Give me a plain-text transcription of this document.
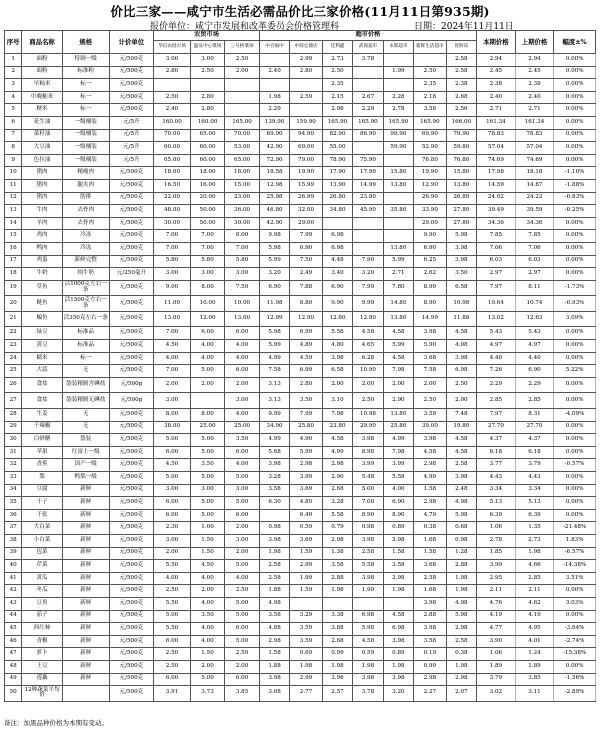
价比三家——咸宁市生活必需品价比三家价格(11月11日第935期)
报价单位：咸宁市发展和改革委员会价格管理科	日期：2024年11月11日
序号	商品名称	规格	计价单位	农贸市场			超市价格							本期价格	上期价格	幅度±%
				华信农批市场	温泉中心菜场	三号桥菜场	中百福中	中商仓储店	佳利鑫	武商超市	永辉超市	新辉生活超市	优鲜乐			
1	面粉	特制一级	元/500克	3.00	3.00	2.50		2.99	2.73	3.78			2.58	2.94	2.94	0.00%
2	面粉	标准粉	元/500克	2.80	2.50	2.00	2.40	2.80	2.50		1.99	2.50	2.58	2.45	2.45	0.00%
3	早籼米	标一	元/500克						2.35			2.35	2.38	2.38	2.38	0.00%
4	中晚籼米	标一	元/500克	2.50	2.80		1.98	2.59	2.15	2.67	2.28	2.18	2.68	2.40	2.40	0.00%
5	粳米	标一	元/500克	2.40	2.80		2.29		2.98	2.29	2.78	3.58	2.56	2.71	2.71	0.00%
6	花生油	一级桶装	元/5升	160.00	160.00	165.00	139.90	159.90	165.90	165.90	165.90	165.90	166.00	161.34	161.34	0.00%
7	菜籽油	一级桶装	元/5升	70.00	65.00	70.00	69.90	94.90	82.90	86.90	99.90	69.90	79.90	78.83	78.83	0.00%
8	大豆油	一级桶装	元/5升	60.00	60.00	53.00	42.90	69.00	55.00		59.90	52.90	59.80	57.04	57.04	0.00%
9	色拉油	一级桶装	元/5升	65.00	60.00	65.00	72.90	79.00	78.90	75.90		76.80	76.80	74.69	74.69	0.00%
10	猪肉	精瘦肉	元/500克	18.00	18.00	18.00	18.58	19.90	17.90	17.99	15.80	19.90	15.80	17.98	18.18	-1.10%
11	猪肉	腿夹肉	元/500克	16.50	16.00	15.00	12.98	15.99	13.90	14.99	13.80	12.90	13.80	14.59	14.87	-1.88%
12	猪肉	肋排	元/500克	22.00	20.00	23.00	25.98	26.99	26.80	23.80		26.90	26.80	24.02	24.22	-0.83%
13	牛肉	去骨肉	元/500克	48.00	50.00	36.00	46.80	32.00	34.80	45.90	35.80	33.90	27.80	39.49	39.59	-0.25%
14	羊肉	去骨肉	元/500克	30.00	50.00	30.00	42.90	29.00				29.00	27.80	34.36	34.36	0.00%
15	鸡肉	冷冻	元/500克	7.00	7.00	8.00	9.98	7.99	6.98			9.90	5.98	7.85	7.85	0.00%
16	鸭肉	冷冻	元/500克	7.00	7.00	7.00	5.98	6.90	6.98		13.80	6.90	3.98	7.06	7.06	0.00%
17	鸡蛋	新鲜完整	元/500克	5.80	5.80	5.80	5.99	7.50	4.48	7.90	5.99	6.25	3.98	6.03	6.03	0.00%
18	牛奶	纯牛奶	元/250毫升	3.00	3.00	3.00	3.20	2.49	3.40	3.20	2.71	2.62	3.50	2.97	2.97	0.00%
19	草鱼	活1000克左右一条	元/500克	9.00	8.00	7.50	6.90	7.88	6.90	7.99	7.80	8.99	6.58	7.97	8.11	-1.73%
20	鲢鱼	活1500克左右一条	元/500克	11.00	10.00	10.00	11.98	8.80	9.90	9.99	14.80	8.90	10.98	10.64	10.74	-0.93%
21	鳊鱼	活350克左右一条	元/500克	13.00	12.00	13.00	12.99	12.90	12.80	12.80	13.80	14.99	11.88	13.02	12.63	3.09%
22	绿豆	标准品	元/500克	7.00	6.00	6.00	5.98	6.99	5.58	4.58	4.58	3.98	4.58	5.43	5.43	0.00%
23	黄豆	标准品	元/500克	4.50	4.00	4.00	5.99	4.89	4.80	4.65	5.99	5.90	4.98	4.97	4.97	0.00%
24	糯米	标一	元/500克	4.00	4.00	4.00	4.99	4.59	3.98	6.28	4.58	3.68	3.98	4.40	4.40	0.00%
25	大蒜	无	元/500克	7.00	5.00	6.00	7.58	6.99	6.58	10.90	7.98	7.58	6.98	7.26	6.90	5.22%
26	食盐	袋装精制含碘盐	元/500g	2.00	2.00	2.00	3.13	2.80	2.00	2.00	2.00	2.00	2.50	2.29	2.29	0.00%
27	食盐	袋装精制无碘盐	元/500g	3.00		3.00	3.13	3.50	3.10	2.50	2.90	2.50	2.00	2.85	2.85	0.00%
28	生姜	无	元/500克	8.00	8.00	4.00	9.99	7.99	7.98	10.98	13.80	3.58	7.48	7.97	8.31	-4.09%
29	干辣椒	无	元/500克	38.00	25.00	25.00	34.90	25.80	23.80	29.90	25.80	39.00	19.80	27.70	27.70	0.00%
30	白砂糖	袋装	元/500克	5.00	5.00	3.50	4.99	4.90	4.58	3.98	4.99	3.98	4.58	4.37	4.37	0.00%
31	苹果	红富士一级	元/500克	6.00	5.00	6.00	5.68	5.99	4.99	8.98	7.98	4.58	4.58	6.18	6.18	0.00%
32	香蕉	国产一级	元/500克	4.50	3.50	4.00	3.98	2.98	2.98	3.99	3.99	2.98	2.58	3.77	3.79	-0.57%
33	梨	鸭梨一级	元/500克	5.00	5.00	5.00	3.28	3.99	2.90	5.48	5.58	4.99	3.98	4.43	4.43	0.00%
34	豆腐	新鲜	元/500克	3.00	3.00	3.00	3.58	3.69	2.68	5.00	4.00	1.58	2.48	3.34	3.34	0.00%
35	干子	新鲜	元/500克	6.00	5.00	5.00	6.30	4.80	3.28	7.00	6.90	2.98	4.98	5.13	5.13	0.00%
36	千张	新鲜	元/500克	6.00	5.00	6.00		6.40	5.58	8.90	8.90	4.79	5.98	6.39	6.39	0.00%
37	大白菜	新鲜	元/500克	2.30	1.00	2.00	0.98	0.59	0.79	0.98	0.89	0.38	0.68	1.06	1.35	-21.48%
38	小白菜	新鲜	元/500克	3.00	1.50	3.00	3.98	3.69	2.98	3.98	2.98	1.68	0.98	2.78	2.73	1.83%
39	包菜	新鲜	元/500克	2.00	1.50	2.00	1.98	1.59	1.38	2.58	1.58	1.58	1.28	1.85	1.98	-6.57%
40	芹菜	新鲜	元/500克	5.50	4.50	5.00	2.58	2.99	3.58	5.58	3.58	3.68	2.88	3.99	4.66	-14.38%
41	黄瓜	新鲜	元/500克	4.00	4.00	4.00	2.58	1.99	2.88	3.98	2.98	2.58	1.98	2.95	2.85	3.51%
42	冬瓜	新鲜	元/500克	2.50	2.00	2.50	1.88	1.59	1.98	1.99	1.98	1.68	1.98	2.11	2.11	0.00%
43	豆角	新鲜	元/500克	5.50	4.00	5.00	4.98					3.98	4.98	4.76	4.62	3.03%
44	茄子	新鲜	元/500克	5.00	3.50	5.00	3.58	3.29	3.38	6.98	4.58	2.88	5.98	4.19	4.19	0.00%
45	西红柿	新鲜	元/500克	5.50	4.00	6.00	4.88	3.59	3.88	5.98	6.98	3.98	2.98	4.77	4.95	-3.64%
46	青椒	新鲜	元/500克	6.00	4.00	5.00	2.98	3.59	2.68	4.58	3.98	3.58	2.58	3.90	4.01	-2.74%
47	萝卜	新鲜	元/500克	2.50	1.50	2.50	1.58	0.69	0.99	0.59	0.89	0.19	0.38	1.06	1.24	-15.38%
48	土豆	新鲜	元/500克	2.50	2.00	2.00	1.88	1.98	1.98	1.98	1.98	0.99	1.98	1.89	1.89	0.00%
49	莲藕	新鲜	元/500克	6.00	5.00	6.00	3.98	2.99	3.96	3.98	3.98	2.98	2.98	3.79	3.85	-1.56%
50	12种蔬菜平均价		元/500克	3.91	3.73	3.85	3.08	2.77	2.57	3.78	3.20	2.27	2.07	3.02	3.11	-2.89%
备注：加黑品种价格为本期有变动。
